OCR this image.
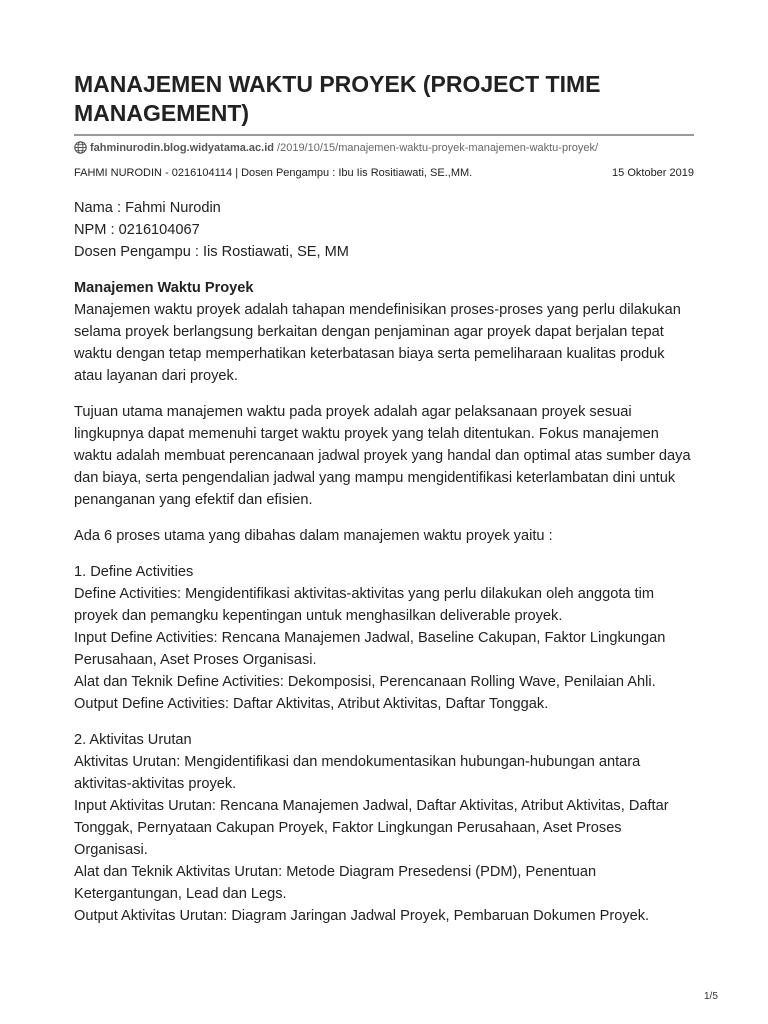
MANAJEMEN WAKTU PROYEK (PROJECT TIME MANAGEMENT)
fahminurodin.blog.widyatama.ac.id /2019/10/15/manajemen-waktu-proyek-manajemen-waktu-proyek/
FAHMI NURODIN - 0216104114 | Dosen Pengampu : Ibu Iis Rositiawati, SE.,MM.	15 Oktober 2019

Nama : Fahmi Nurodin
NPM : 0216104067
Dosen Pengampu : Iis Rostiawati, SE, MM

Manajemen Waktu Proyek
Manajemen waktu proyek adalah tahapan mendefinisikan proses-proses yang perlu dilakukan selama proyek berlangsung berkaitan dengan penjaminan agar proyek dapat berjalan tepat waktu dengan tetap memperhatikan keterbatasan biaya serta pemeliharaan kualitas produk atau layanan dari proyek.

Tujuan utama manajemen waktu pada proyek adalah agar pelaksanaan proyek sesuai lingkupnya dapat memenuhi target waktu proyek yang telah ditentukan. Fokus manajemen waktu adalah membuat perencanaan jadwal proyek yang handal dan optimal atas sumber daya dan biaya, serta pengendalian jadwal yang mampu mengidentifikasi keterlambatan dini untuk penanganan yang efektif dan efisien.

Ada 6 proses utama yang dibahas dalam manajemen waktu proyek yaitu :

1. Define Activities
Define Activities: Mengidentifikasi aktivitas-aktivitas yang perlu dilakukan oleh anggota tim proyek dan pemangku kepentingan untuk menghasilkan deliverable proyek.
Input Define Activities: Rencana Manajemen Jadwal, Baseline Cakupan, Faktor Lingkungan Perusahaan, Aset Proses Organisasi.
Alat dan Teknik Define Activities: Dekomposisi, Perencanaan Rolling Wave, Penilaian Ahli.
Output Define Activities: Daftar Aktivitas, Atribut Aktivitas, Daftar Tonggak.

2. Aktivitas Urutan
Aktivitas Urutan: Mengidentifikasi dan mendokumentasikan hubungan-hubungan antara aktivitas-aktivitas proyek.
Input Aktivitas Urutan: Rencana Manajemen Jadwal, Daftar Aktivitas, Atribut Aktivitas, Daftar Tonggak, Pernyataan Cakupan Proyek, Faktor Lingkungan Perusahaan, Aset Proses Organisasi.
Alat dan Teknik Aktivitas Urutan: Metode Diagram Presedensi (PDM), Penentuan Ketergantungan, Lead dan Legs.
Output Aktivitas Urutan: Diagram Jaringan Jadwal Proyek, Pembaruan Dokumen Proyek.

1/5
